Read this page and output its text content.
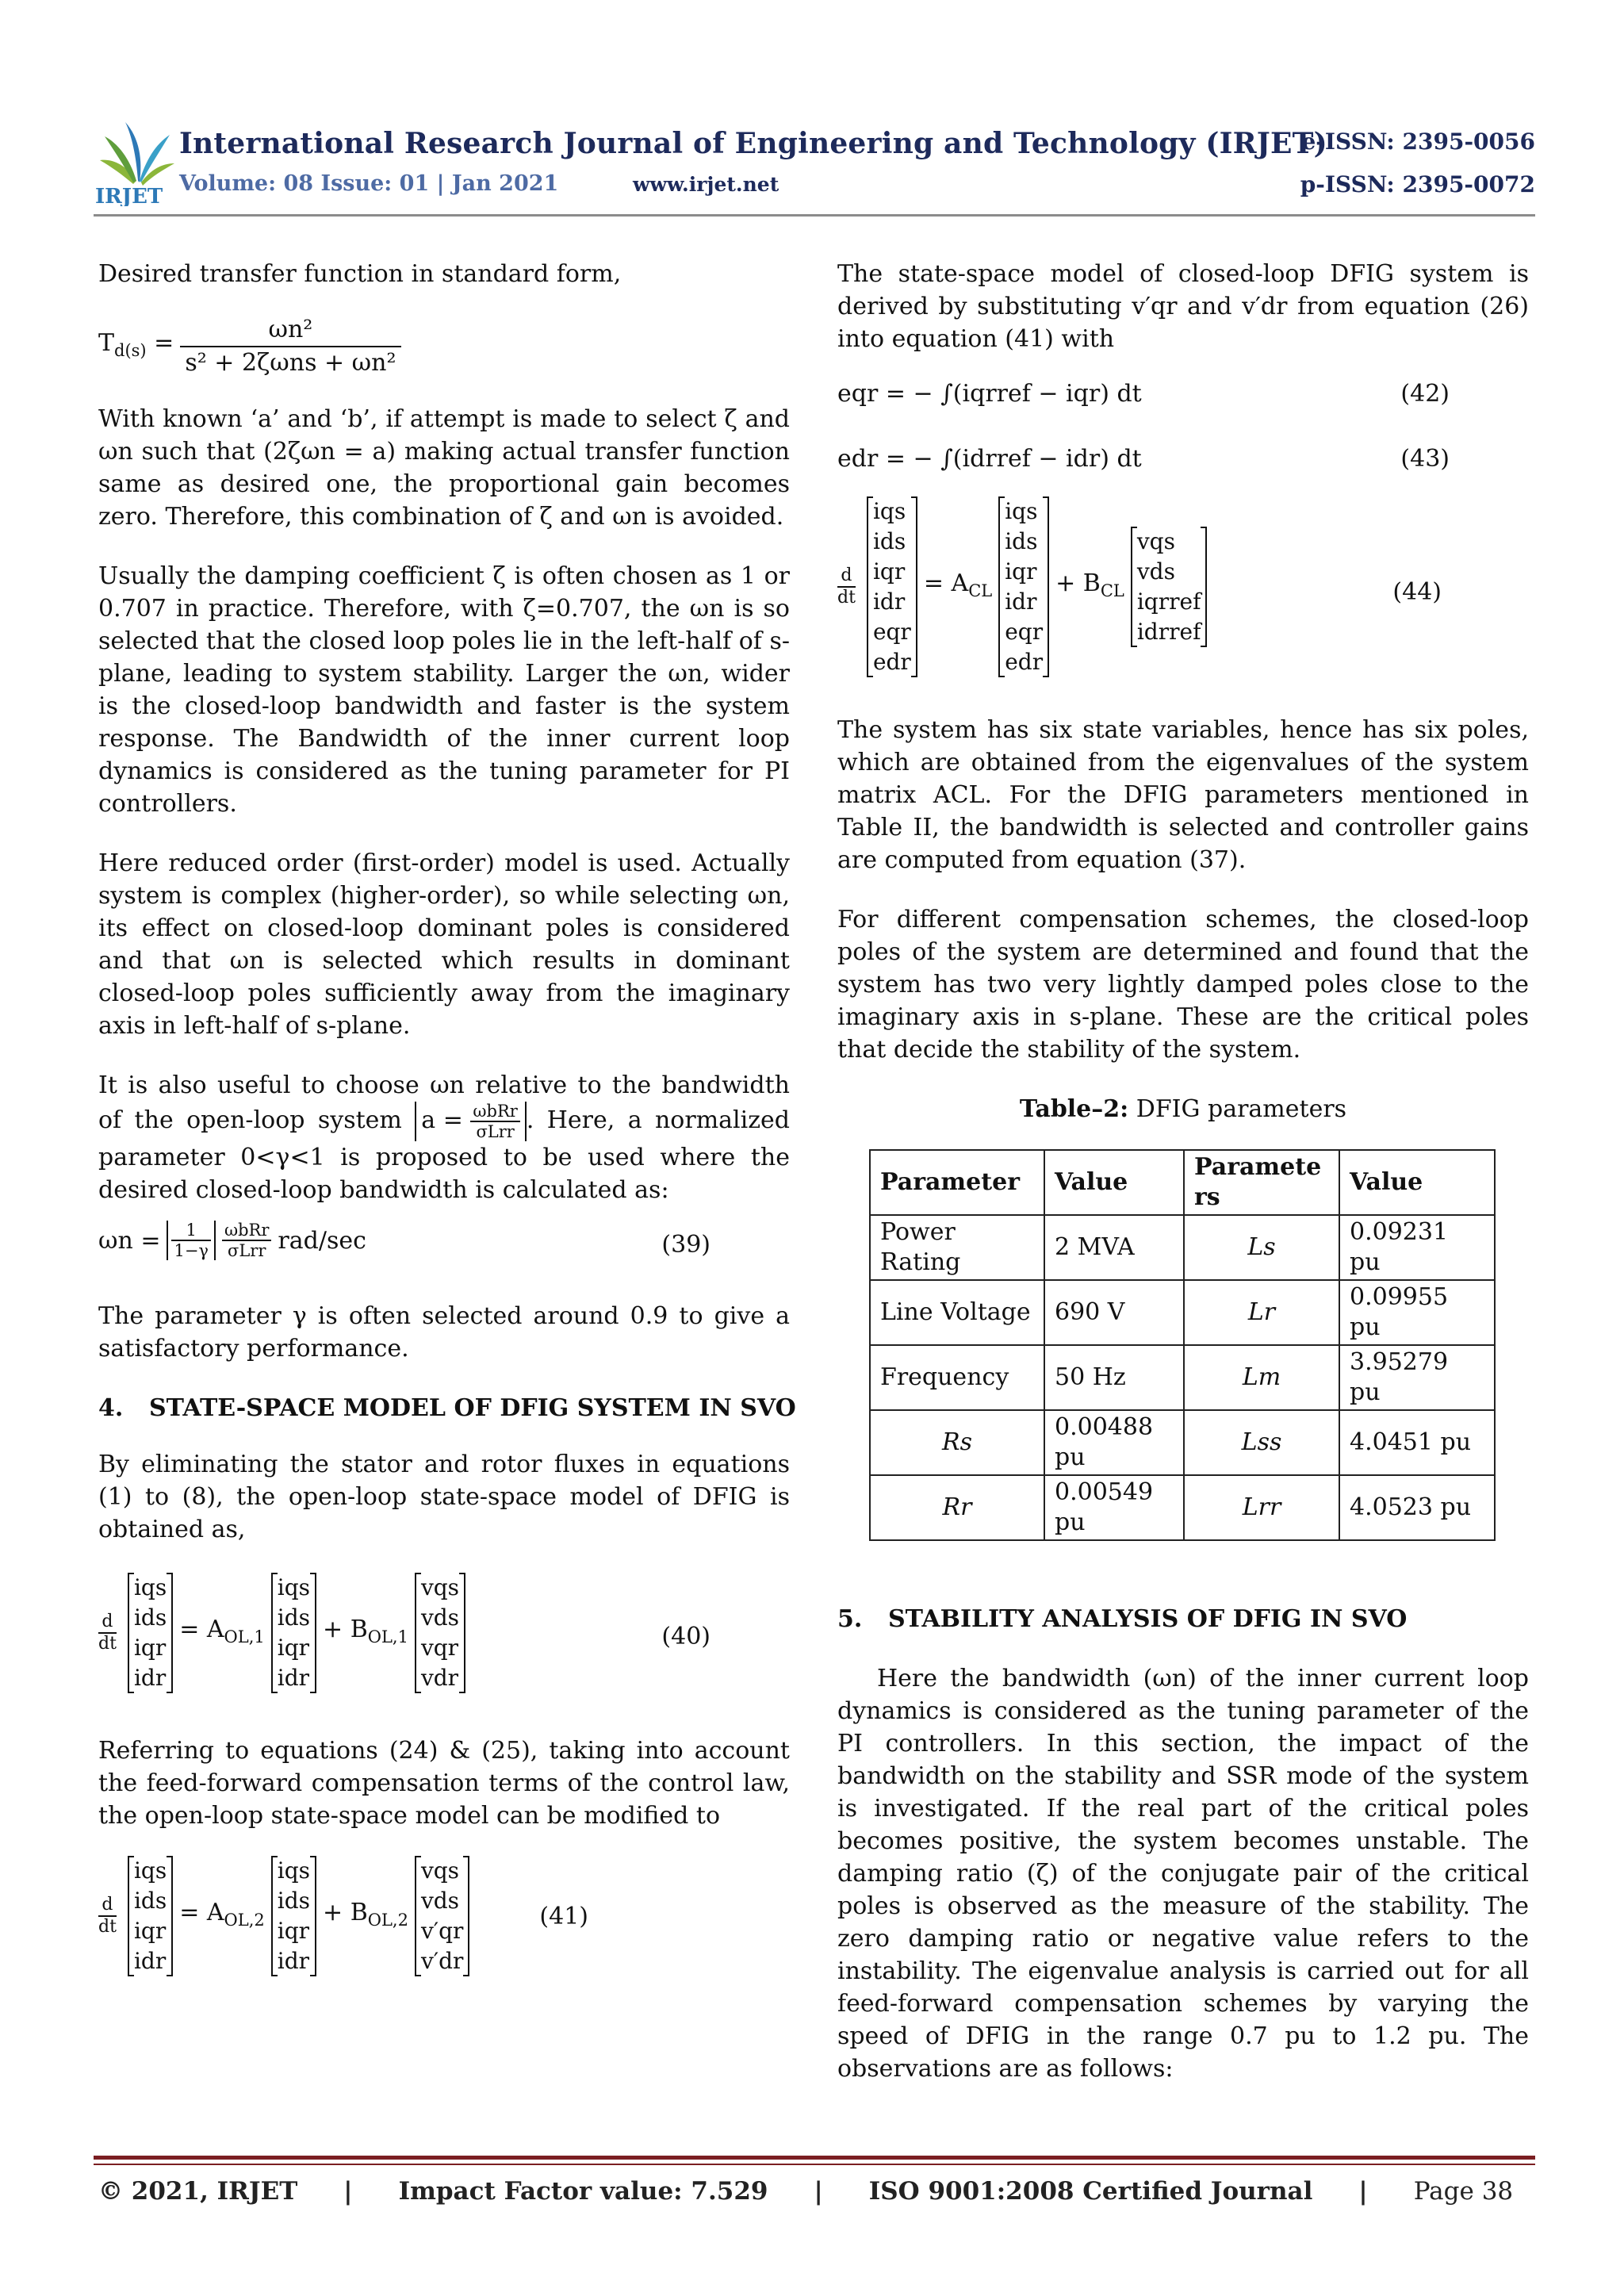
IRJET
International Research Journal of Engineering and Technology (IRJET)
Volume: 08 Issue: 01 | Jan 2021	www.irjet.net
e-ISSN: 2395-0056
p-ISSN: 2395-0072
Desired transfer function in standard form,
$T_{d(s)} = \frac{\text{ωn²}}{\text{s² + 2ζωns + ωn²}}$
With known ‘a’ and ‘b’, if attempt is made to select ζ and ωn such that (2ζωn = a) making actual transfer function same as desired one, the proportional gain becomes zero. Therefore, this combination of ζ and ωn is avoided.
Usually the damping coefficient ζ is often chosen as 1 or 0.707 in practice. Therefore, with ζ=0.707, the ωn is so selected that the closed loop poles lie in the left-half of s-plane, leading to system stability. Larger the ωn, wider is the closed-loop bandwidth and faster is the system response. The Bandwidth of the inner current loop dynamics is considered as the tuning parameter for PI controllers.
Here reduced order (first-order) model is used. Actually system is complex (higher-order), so while selecting ωn, its effect on closed-loop dominant poles is considered and that ωn is selected which results in dominant closed-loop poles sufficiently away from the imaginary axis in left-half of s-plane.
It is also useful to choose ωn relative to the bandwidth of the open-loop system $a = \frac{\text{ωbRr}}{\text{σLrr}}$ . Here, a normalized parameter 0<γ<1 is proposed to be used where the desired closed-loop bandwidth is calculated as:
$\omega n = \frac{1}{1-\gamma} \frac{\text{ωbRr}}{\text{σLrr}} rad/\sec$	(39)
The parameter γ is often selected around 0.9 to give a satisfactory performance.
4. STATE-SPACE MODEL OF DFIG SYSTEM IN SVO
By eliminating the stator and rotor fluxes in equations (1) to (8), the open-loop state-space model of DFIG is obtained as,
d
dt
iqs
ids
iqr
idr
= $A_{OL,1}$
iqs
ids
iqr
idr
+ $B_{OL,1}$
vqs
vds
vqr
vdr
(40)
Referring to equations (24) & (25), taking into account the feed-forward compensation terms of the control law, the open-loop state-space model can be modified to
d
dt
iqs
ids
iqr
idr
= $A_{OL,2}$
iqs
ids
iqr
idr
+ $B_{OL,2}$
vqs
vds
v′qr
v′dr
(41)
The state-space model of closed-loop DFIG system is derived by substituting v′qr and v′dr from equation (26) into equation (41) with
eqr = − ∫(iqrref − iqr) dt	(42)
edr = − ∫(idrref − idr) dt	(43)
d
dt
iqs
ids
iqr
idr
eqr
edr
= $A_{CL}$
iqs
ids
iqr
idr
eqr
edr
+ $B_{CL}$
vqs
vds
iqrref
idrref
(44)
The system has six state variables, hence has six poles, which are obtained from the eigenvalues of the system matrix ACL. For the DFIG parameters mentioned in Table II, the bandwidth is selected and controller gains are computed from equation (37).
For different compensation schemes, the closed-loop poles of the system are determined and found that the system has two very lightly damped poles close to the imaginary axis in s-plane. These are the critical poles that decide the stability of the system.
Table–2: DFIG parameters
Parameter	Value	Paramete rs	Value
Power Rating	2 MVA	Ls	0.09231 pu
Line Voltage	690 V	Lr	0.09955 pu
Frequency	50 Hz	Lm	3.95279 pu
Rs	0.00488 pu	Lss	4.0451 pu
Rr	0.00549 pu	Lrr	4.0523 pu
5. STABILITY ANALYSIS OF DFIG IN SVO
Here the bandwidth (ωn) of the inner current loop dynamics is considered as the tuning parameter of the PI controllers. In this section, the impact of the bandwidth on the stability and SSR mode of the system is investigated. If the real part of the critical poles becomes positive, the system becomes unstable. The damping ratio (ζ) of the conjugate pair of the critical poles is observed as the measure of the stability. The zero damping ratio or negative value refers to the instability. The eigenvalue analysis is carried out for all feed-forward compensation schemes by varying the speed of DFIG in the range 0.7 pu to 1.2 pu. The observations are as follows:
© 2021, IRJET | Impact Factor value: 7.529 | ISO 9001:2008 Certified Journal | Page 38
